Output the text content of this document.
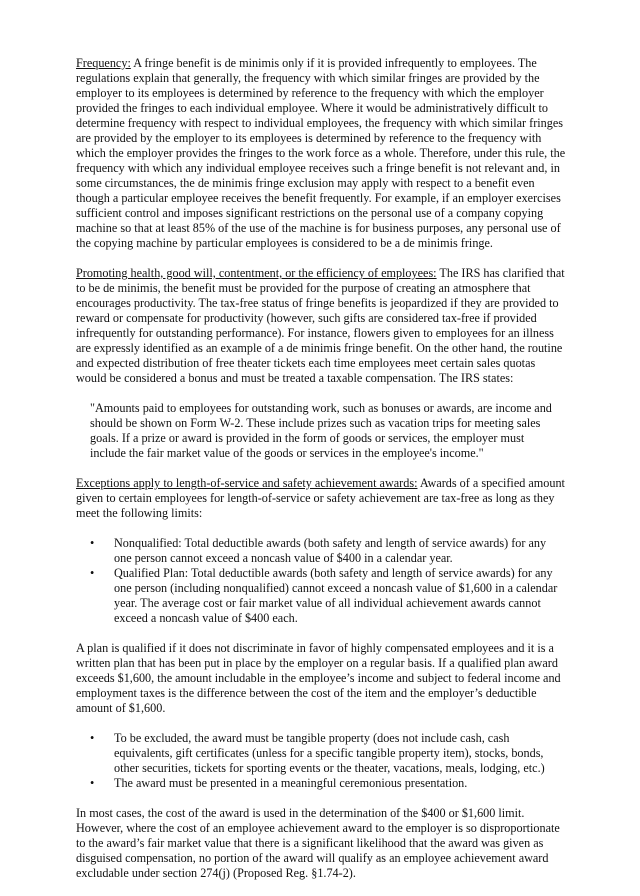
Frequency: A fringe benefit is de minimis only if it is provided infrequently to employees. The regulations explain that generally, the frequency with which similar fringes are provided by the employer to its employees is determined by reference to the frequency with which the employer provided the fringes to each individual employee. Where it would be administratively difficult to determine frequency with respect to individual employees, the frequency with which similar fringes are provided by the employer to its employees is determined by reference to the frequency with which the employer provides the fringes to the work force as a whole. Therefore, under this rule, the frequency with which any individual employee receives such a fringe benefit is not relevant and, in some circumstances, the de minimis fringe exclusion may apply with respect to a benefit even though a particular employee receives the benefit frequently. For example, if an employer exercises sufficient control and imposes significant restrictions on the personal use of a company copying machine so that at least 85% of the use of the machine is for business purposes, any personal use of the copying machine by particular employees is considered to be a de minimis fringe.

Promoting health, good will, contentment, or the efficiency of employees: The IRS has clarified that to be de minimis, the benefit must be provided for the purpose of creating an atmosphere that encourages productivity. The tax-free status of fringe benefits is jeopardized if they are provided to reward or compensate for productivity (however, such gifts are considered tax-free if provided infrequently for outstanding performance). For instance, flowers given to employees for an illness are expressly identified as an example of a de minimis fringe benefit. On the other hand, the routine and expected distribution of free theater tickets each time employees meet certain sales quotas would be considered a bonus and must be treated a taxable compensation. The IRS states:

"Amounts paid to employees for outstanding work, such as bonuses or awards, are income and should be shown on Form W-2. These include prizes such as vacation trips for meeting sales goals. If a prize or award is provided in the form of goods or services, the employer must include the fair market value of the goods or services in the employee's income."

Exceptions apply to length-of-service and safety achievement awards: Awards of a specified amount given to certain employees for length-of-service or safety achievement are tax-free as long as they meet the following limits:

• Nonqualified: Total deductible awards (both safety and length of service awards) for any one person cannot exceed a noncash value of $400 in a calendar year.
• Qualified Plan: Total deductible awards (both safety and length of service awards) for any one person (including nonqualified) cannot exceed a noncash value of $1,600 in a calendar year. The average cost or fair market value of all individual achievement awards cannot exceed a noncash value of $400 each.

A plan is qualified if it does not discriminate in favor of highly compensated employees and it is a written plan that has been put in place by the employer on a regular basis. If a qualified plan award exceeds $1,600, the amount includable in the employee’s income and subject to federal income and employment taxes is the difference between the cost of the item and the employer’s deductible amount of $1,600.

• To be excluded, the award must be tangible property (does not include cash, cash equivalents, gift certificates (unless for a specific tangible property item), stocks, bonds, other securities, tickets for sporting events or the theater, vacations, meals, lodging, etc.)
• The award must be presented in a meaningful ceremonious presentation.

In most cases, the cost of the award is used in the determination of the $400 or $1,600 limit. However, where the cost of an employee achievement award to the employer is so disproportionate to the award’s fair market value that there is a significant likelihood that the award was given as disguised compensation, no portion of the award will qualify as an employee achievement award excludable under section 274(j) (Proposed Reg. §1.74-2).
